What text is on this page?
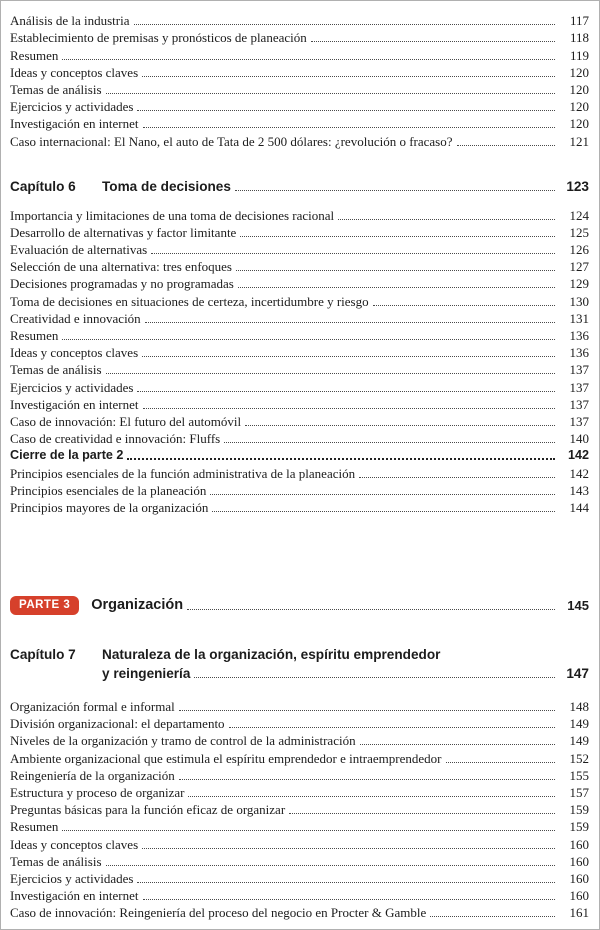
Análisis de la industria	117
Establecimiento de premisas y pronósticos de planeación	118
Resumen	119
Ideas y conceptos claves	120
Temas de análisis	120
Ejercicios y actividades	120
Investigación en internet	120
Caso internacional: El Nano, el auto de Tata de 2 500 dólares: ¿revolución o fracaso?	121
Capítulo 6	Toma de decisiones	123
Importancia y limitaciones de una toma de decisiones racional	124
Desarrollo de alternativas y factor limitante	125
Evaluación de alternativas	126
Selección de una alternativa: tres enfoques	127
Decisiones programadas y no programadas	129
Toma de decisiones en situaciones de certeza, incertidumbre y riesgo	130
Creatividad e innovación	131
Resumen	136
Ideas y conceptos claves	136
Temas de análisis	137
Ejercicios y actividades	137
Investigación en internet	137
Caso de innovación: El futuro del automóvil	137
Caso de creatividad e innovación: Fluffs	140
Cierre de la parte 2	142
Principios esenciales de la función administrativa de la planeación	142
Principios esenciales de la planeación	143
Principios mayores de la organización	144
PARTE 3	Organización	145
Capítulo 7	Naturaleza de la organización, espíritu emprendedor
y reingeniería	147
Organización formal e informal	148
División organizacional: el departamento	149
Niveles de la organización y tramo de control de la administración	149
Ambiente organizacional que estimula el espíritu emprendedor e intraemprendedor	152
Reingeniería de la organización	155
Estructura y proceso de organizar	157
Preguntas básicas para la función eficaz de organizar	159
Resumen	159
Ideas y conceptos claves	160
Temas de análisis	160
Ejercicios y actividades	160
Investigación en internet	160
Caso de innovación: Reingeniería del proceso del negocio en Procter & Gamble	161
